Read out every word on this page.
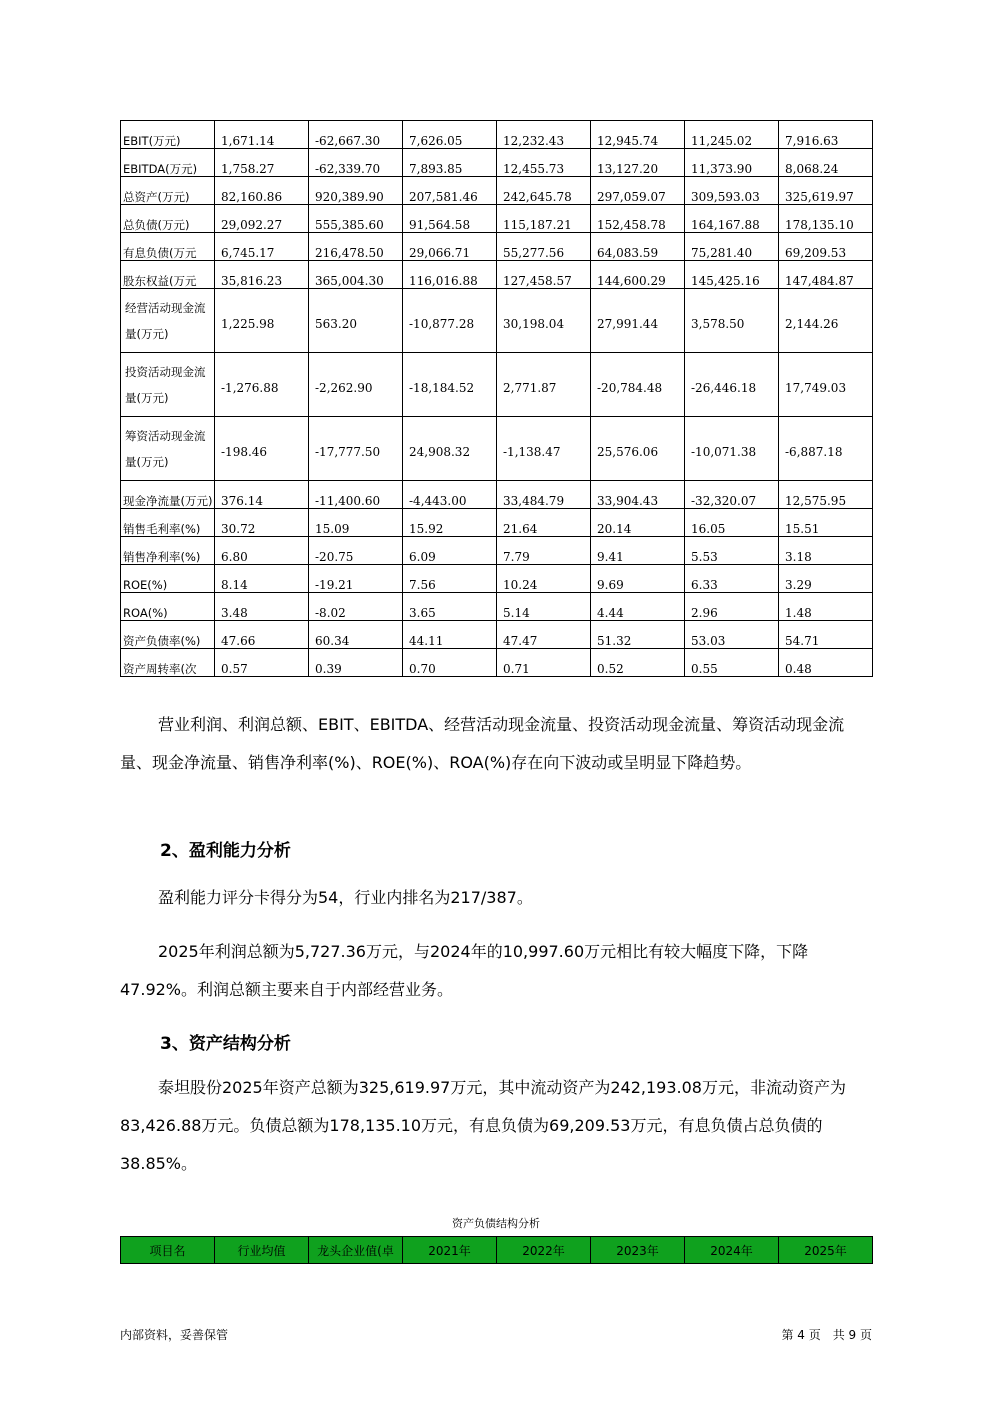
EBIT(万元)	1,671.14	-62,667.30	7,626.05	12,232.43	12,945.74	11,245.02	7,916.63
EBITDA(万元)	1,758.27	-62,339.70	7,893.85	12,455.73	13,127.20	11,373.90	8,068.24
总资产(万元)	82,160.86	920,389.90	207,581.46	242,645.78	297,059.07	309,593.03	325,619.97
总负债(万元)	29,092.27	555,385.60	91,564.58	115,187.21	152,458.78	164,167.88	178,135.10
有息负债(万元	6,745.17	216,478.50	29,066.71	55,277.56	64,083.59	75,281.40	69,209.53
股东权益(万元	35,816.23	365,004.30	116,016.88	127,458.57	144,600.29	145,425.16	147,484.87
经营活动现金流量(万元)	1,225.98	563.20	-10,877.28	30,198.04	27,991.44	3,578.50	2,144.26
投资活动现金流量(万元)	-1,276.88	-2,262.90	-18,184.52	2,771.87	-20,784.48	-26,446.18	17,749.03
筹资活动现金流量(万元)	-198.46	-17,777.50	24,908.32	-1,138.47	25,576.06	-10,071.38	-6,887.18
现金净流量(万元)	376.14	-11,400.60	-4,443.00	33,484.79	33,904.43	-32,320.07	12,575.95
销售毛利率(%)	30.72	15.09	15.92	21.64	20.14	16.05	15.51
销售净利率(%)	6.80	-20.75	6.09	7.79	9.41	5.53	3.18
ROE(%)	8.14	-19.21	7.56	10.24	9.69	6.33	3.29
ROA(%)	3.48	-8.02	3.65	5.14	4.44	2.96	1.48
资产负债率(%)	47.66	60.34	44.11	47.47	51.32	53.03	54.71
资产周转率(次	0.57	0.39	0.70	0.71	0.52	0.55	0.48

营业利润、利润总额、EBIT、EBITDA、经营活动现金流量、投资活动现金流量、筹资活动现金流量、现金净流量、销售净利率(%)、ROE(%)、ROA(%)存在向下波动或呈明显下降趋势。

2、盈利能力分析

盈利能力评分卡得分为54，行业内排名为217/387。

2025年利润总额为5,727.36万元，与2024年的10,997.60万元相比有较大幅度下降，下降47.92%。利润总额主要来自于内部经营业务。

3、资产结构分析

泰坦股份2025年资产总额为325,619.97万元，其中流动资产为242,193.08万元，非流动资产为83,426.88万元。负债总额为178,135.10万元，有息负债为69,209.53万元，有息负债占总负债的38.85%。

资产负债结构分析
项目名	行业均值	龙头企业值(卓	2021年	2022年	2023年	2024年	2025年
内部资料，妥善保管	第 4 页　共 9 页
